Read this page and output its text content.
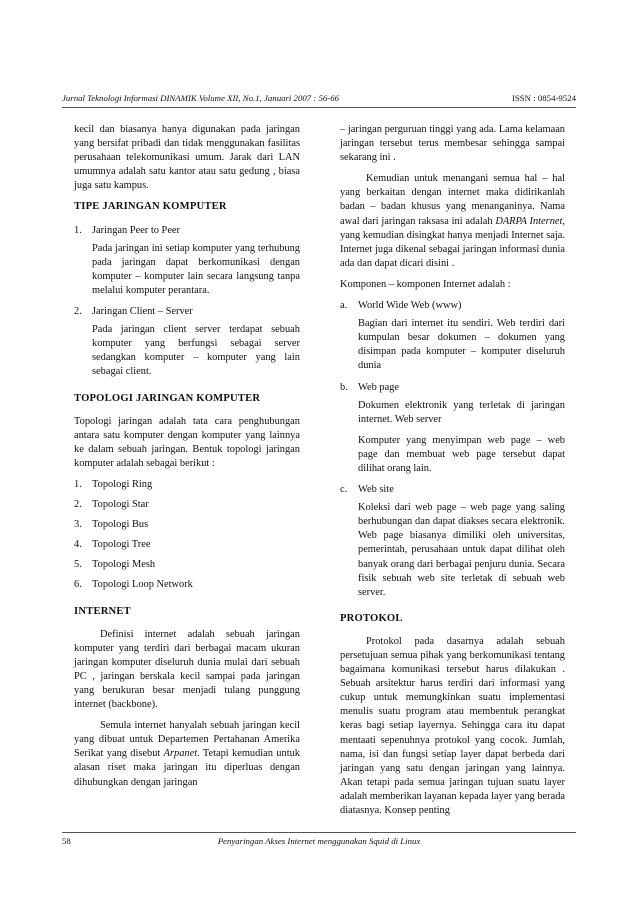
Jurnal Teknologi Informasi DINAMIK Volume XII, No.1, Januari 2007 : 56-66	ISSN : 0854-9524

kecil dan biasanya hanya digunakan pada jaringan yang bersifat pribadi dan tidak menggunakan fasilitas perusahaan telekomunikasi umum. Jarak dari LAN umumnya adalah satu kantor atau satu gedung , biasa juga satu kampus.

TIPE JARINGAN KOMPUTER
1. Jaringan Peer to Peer

Pada jaringan ini setiap komputer yang terhubung pada jaringan dapat berkomunikasi dengan komputer – komputer lain secara langsung tanpa melalui komputer perantara.

2. Jaringan Client – Server

Pada jaringan client server terdapat sebuah komputer yang berfungsi sebagai server sedangkan komputer – komputer yang lain sebagai client.

TOPOLOGI JARINGAN KOMPUTER

Topologi jaringan adalah tata cara penghubungan antara satu komputer dengan komputer yang lainnya ke dalam sebuah jaringan. Bentuk topologi jaringan komputer adalah sebagai berikut :

1. Topologi Ring
2. Topologi Star
3. Topologi Bus
4. Topologi Tree
5. Topologi Mesh
6. Topologi Loop Network
INTERNET

Definisi internet adalah sebuah jaringan komputer yang terdiri dari berbagai macam ukuran jaringan komputer diseluruh dunia mulai dari sebuah PC , jaringan berskala kecil sampai pada jaringan yang berukuran besar menjadi tulang punggung internet (backbone).

Semula internet hanyalah sebuah jaringan kecil yang dibuat untuk Departemen Pertahanan Amerika Serikat yang disebut Arpanet. Tetapi kemudian untuk alasan riset maka jaringan itu diperluas dengan dihubungkan dengan jaringan

– jaringan perguruan tinggi yang ada. Lama kelamaan jaringan tersebut terus membesar sehingga sampai sekarang ini .

Kemudian untuk menangani semua hal – hal yang berkaitan dengan internet maka didirikanlah badan – badan khusus yang menanganinya. Nama awal dari jaringan raksasa ini adalah DARPA Internet, yang kemudian disingkat hanya menjadi Internet saja. Internet juga dikenal sebagai jaringan informasi dunia ada dan dapat dicari disini .

Komponen – komponen Internet adalah :

a.	World Wide Web (www)

Bagian dari internet itu sendiri. Web terdiri dari kumpulan besar dokumen – dokumen yang disimpan pada komputer – komputer diseluruh dunia

b. Web page

Dokumen elektronik yang terletak di jaringan internet. Web server

Komputer yang menyimpan web page – web page dan membuat web page tersebut dapat dilihat orang lain.

c.	Web site

Koleksi dari web page – web page yang saling berhubungan dan dapat diakses secara elektronik. Web page biasanya dimiliki oleh universitas, pemerintah, perusahaan untuk dapat dilihat oleh banyak orang dari berbagai penjuru dunia. Secara fisik sebuah web site terletak di sebuah web server.

PROTOKOL

Protokol pada dasarnya adalah sebuah persetujuan semua pihak yang berkomunikasi tentang bagaimana komunikasi tersebut harus dilakukan . Sebuah arsitektur harus terdiri dari informasi yang cukup untuk memungkinkan suatu implementasi menulis suatu program atau membentuk perangkat keras bagi setiap layernya. Sehingga cara itu dapat mentaati sepenuhnya protokol yang cocok. Jumlah, nama, isi dan fungsi setiap layer dapat berbeda dari jaringan yang satu dengan jaringan yang lainnya. Akan tetapi pada semua jaringan tujuan suatu layer adalah memberikan layanan kepada layer yang berada diatasnya. Konsep penting

58	Penyaringan Akses Internet menggunakan Squid di Linux
